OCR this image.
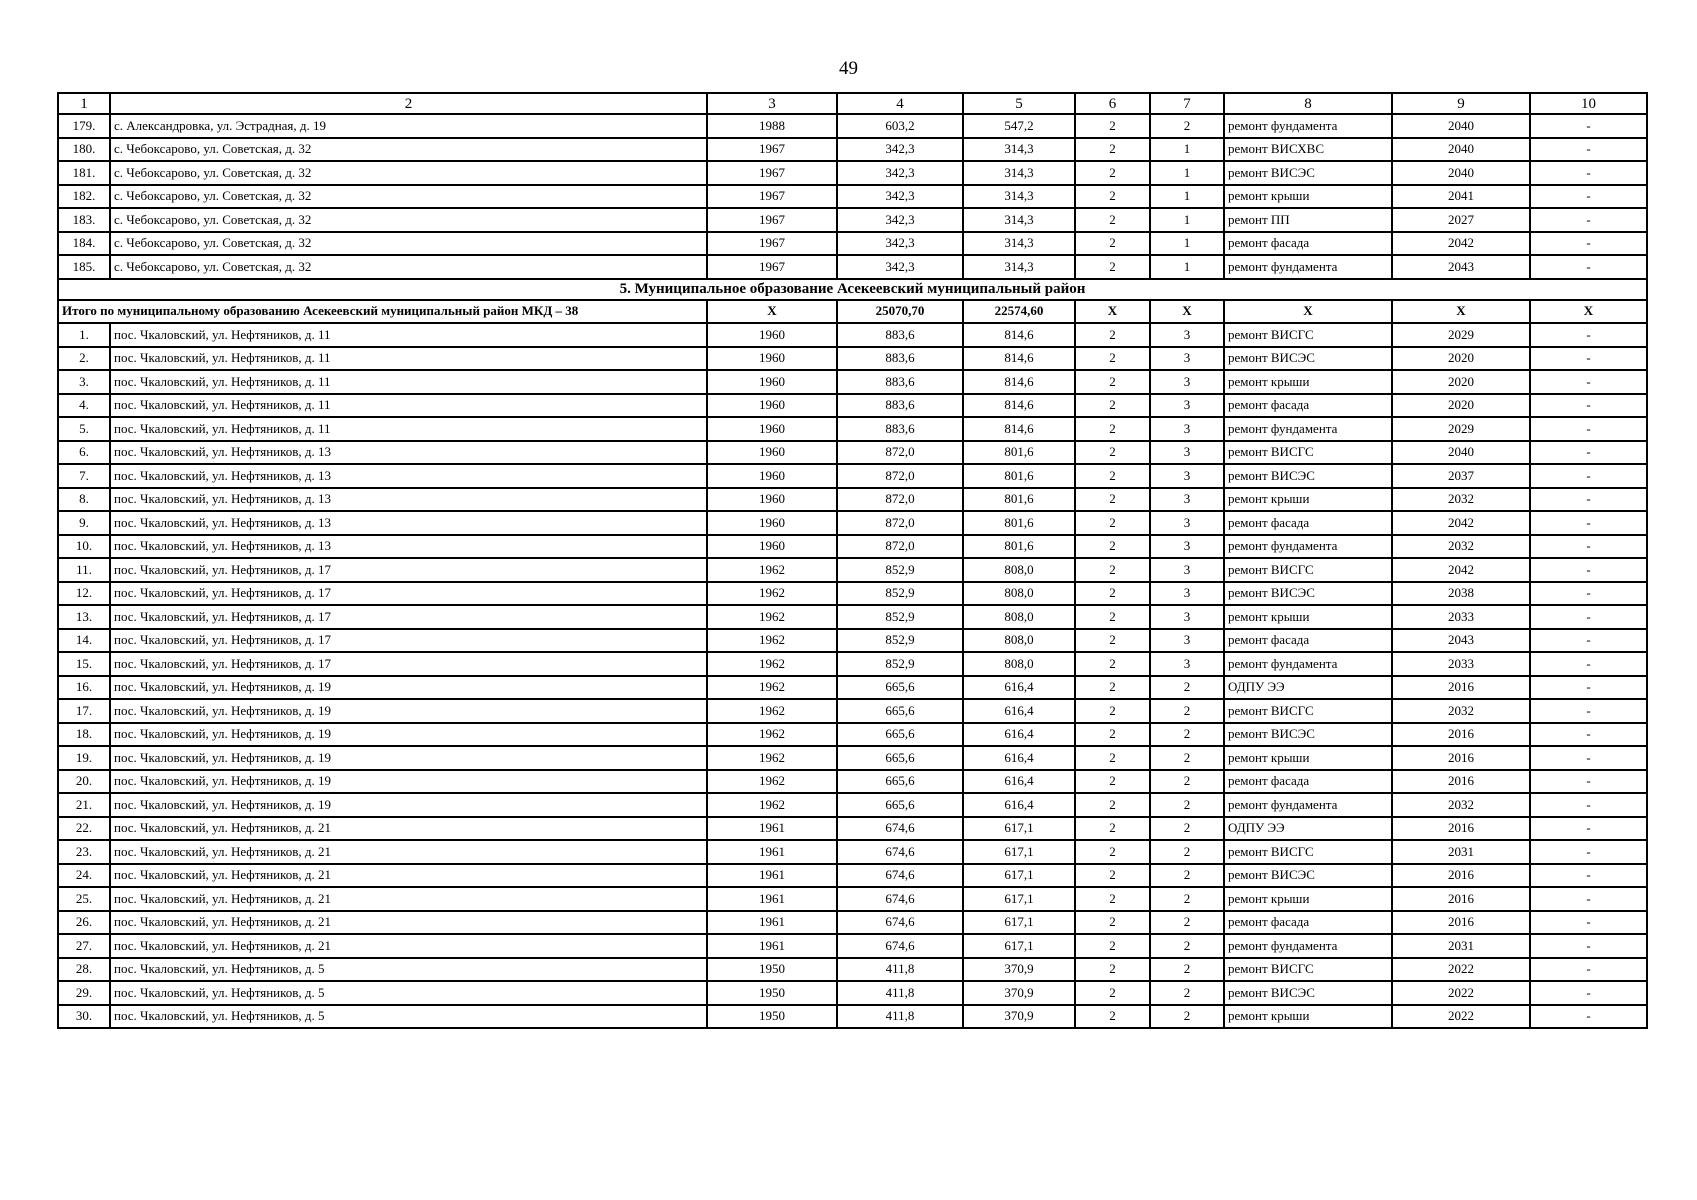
49
1	2	3	4	5	6	7	8	9	10
179.	с. Александровка, ул. Эстрадная, д. 19	1988	603,2	547,2	2	2	ремонт фундамента	2040	-
180.	с. Чебоксарово, ул. Советская, д. 32	1967	342,3	314,3	2	1	ремонт ВИСХВС	2040	-
181.	с. Чебоксарово, ул. Советская, д. 32	1967	342,3	314,3	2	1	ремонт ВИСЭС	2040	-
182.	с. Чебоксарово, ул. Советская, д. 32	1967	342,3	314,3	2	1	ремонт крыши	2041	-
183.	с. Чебоксарово, ул. Советская, д. 32	1967	342,3	314,3	2	1	ремонт ПП	2027	-
184.	с. Чебоксарово, ул. Советская, д. 32	1967	342,3	314,3	2	1	ремонт фасада	2042	-
185.	с. Чебоксарово, ул. Советская, д. 32	1967	342,3	314,3	2	1	ремонт фундамента	2043	-
5. Муниципальное образование Асекеевский муниципальный район									
Итого по муниципальному образованию Асекеевский муниципальный район МКД – 38		X	25070,70	22574,60	X	X	X	X	X
1.	пос. Чкаловский, ул. Нефтяников, д. 11	1960	883,6	814,6	2	3	ремонт ВИСГС	2029	-
2.	пос. Чкаловский, ул. Нефтяников, д. 11	1960	883,6	814,6	2	3	ремонт ВИСЭС	2020	-
3.	пос. Чкаловский, ул. Нефтяников, д. 11	1960	883,6	814,6	2	3	ремонт крыши	2020	-
4.	пос. Чкаловский, ул. Нефтяников, д. 11	1960	883,6	814,6	2	3	ремонт фасада	2020	-
5.	пос. Чкаловский, ул. Нефтяников, д. 11	1960	883,6	814,6	2	3	ремонт фундамента	2029	-
6.	пос. Чкаловский, ул. Нефтяников, д. 13	1960	872,0	801,6	2	3	ремонт ВИСГС	2040	-
7.	пос. Чкаловский, ул. Нефтяников, д. 13	1960	872,0	801,6	2	3	ремонт ВИСЭС	2037	-
8.	пос. Чкаловский, ул. Нефтяников, д. 13	1960	872,0	801,6	2	3	ремонт крыши	2032	-
9.	пос. Чкаловский, ул. Нефтяников, д. 13	1960	872,0	801,6	2	3	ремонт фасада	2042	-
10.	пос. Чкаловский, ул. Нефтяников, д. 13	1960	872,0	801,6	2	3	ремонт фундамента	2032	-
11.	пос. Чкаловский, ул. Нефтяников, д. 17	1962	852,9	808,0	2	3	ремонт ВИСГС	2042	-
12.	пос. Чкаловский, ул. Нефтяников, д. 17	1962	852,9	808,0	2	3	ремонт ВИСЭС	2038	-
13.	пос. Чкаловский, ул. Нефтяников, д. 17	1962	852,9	808,0	2	3	ремонт крыши	2033	-
14.	пос. Чкаловский, ул. Нефтяников, д. 17	1962	852,9	808,0	2	3	ремонт фасада	2043	-
15.	пос. Чкаловский, ул. Нефтяников, д. 17	1962	852,9	808,0	2	3	ремонт фундамента	2033	-
16.	пос. Чкаловский, ул. Нефтяников, д. 19	1962	665,6	616,4	2	2	ОДПУ ЭЭ	2016	-
17.	пос. Чкаловский, ул. Нефтяников, д. 19	1962	665,6	616,4	2	2	ремонт ВИСГС	2032	-
18.	пос. Чкаловский, ул. Нефтяников, д. 19	1962	665,6	616,4	2	2	ремонт ВИСЭС	2016	-
19.	пос. Чкаловский, ул. Нефтяников, д. 19	1962	665,6	616,4	2	2	ремонт крыши	2016	-
20.	пос. Чкаловский, ул. Нефтяников, д. 19	1962	665,6	616,4	2	2	ремонт фасада	2016	-
21.	пос. Чкаловский, ул. Нефтяников, д. 19	1962	665,6	616,4	2	2	ремонт фундамента	2032	-
22.	пос. Чкаловский, ул. Нефтяников, д. 21	1961	674,6	617,1	2	2	ОДПУ ЭЭ	2016	-
23.	пос. Чкаловский, ул. Нефтяников, д. 21	1961	674,6	617,1	2	2	ремонт ВИСГС	2031	-
24.	пос. Чкаловский, ул. Нефтяников, д. 21	1961	674,6	617,1	2	2	ремонт ВИСЭС	2016	-
25.	пос. Чкаловский, ул. Нефтяников, д. 21	1961	674,6	617,1	2	2	ремонт крыши	2016	-
26.	пос. Чкаловский, ул. Нефтяников, д. 21	1961	674,6	617,1	2	2	ремонт фасада	2016	-
27.	пос. Чкаловский, ул. Нефтяников, д. 21	1961	674,6	617,1	2	2	ремонт фундамента	2031	-
28.	пос. Чкаловский, ул. Нефтяников, д. 5	1950	411,8	370,9	2	2	ремонт ВИСГС	2022	-
29.	пос. Чкаловский, ул. Нефтяников, д. 5	1950	411,8	370,9	2	2	ремонт ВИСЭС	2022	-
30.	пос. Чкаловский, ул. Нефтяников, д. 5	1950	411,8	370,9	2	2	ремонт крыши	2022	-
